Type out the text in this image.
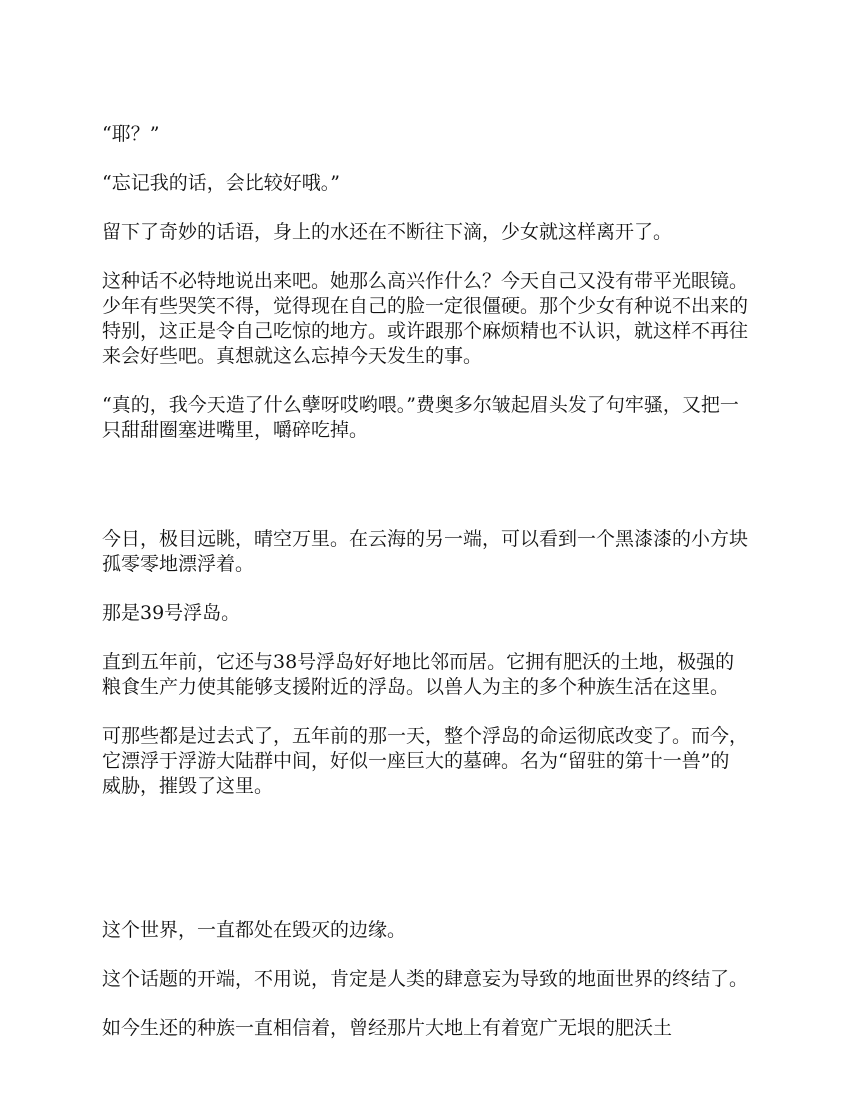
“耶？”

“忘记我的话，会比较好哦。”

留下了奇妙的话语，身上的水还在不断往下滴，少女就这样离开了。

这种话不必特地说出来吧。她那么高兴作什么？今天自己又没有带平光眼镜。少年有些哭笑不得，觉得现在自己的脸一定很僵硬。那个少女有种说不出来的特别，这正是令自己吃惊的地方。或许跟那个麻烦精也不认识，就这样不再往来会好些吧。真想就这么忘掉今天发生的事。

“真的，我今天造了什么孽呀哎哟喂。”费奥多尔皱起眉头发了句牢骚，又把一只甜甜圈塞进嘴里，嚼碎吃掉。

今日，极目远眺，晴空万里。在云海的另一端，可以看到一个黑漆漆的小方块孤零零地漂浮着。

那是39号浮岛。

直到五年前，它还与38号浮岛好好地比邻而居。它拥有肥沃的土地，极强的粮食生产力使其能够支援附近的浮岛。以兽人为主的多个种族生活在这里。

可那些都是过去式了，五年前的那一天，整个浮岛的命运彻底改变了。而今，它漂浮于浮游大陆群中间，好似一座巨大的墓碑。名为“留驻的第十一兽”的威胁，摧毁了这里。

这个世界，一直都处在毁灭的边缘。

这个话题的开端，不用说，肯定是人类的肆意妄为导致的地面世界的终结了。

如今生还的种族一直相信着，曾经那片大地上有着宽广无垠的肥沃土
